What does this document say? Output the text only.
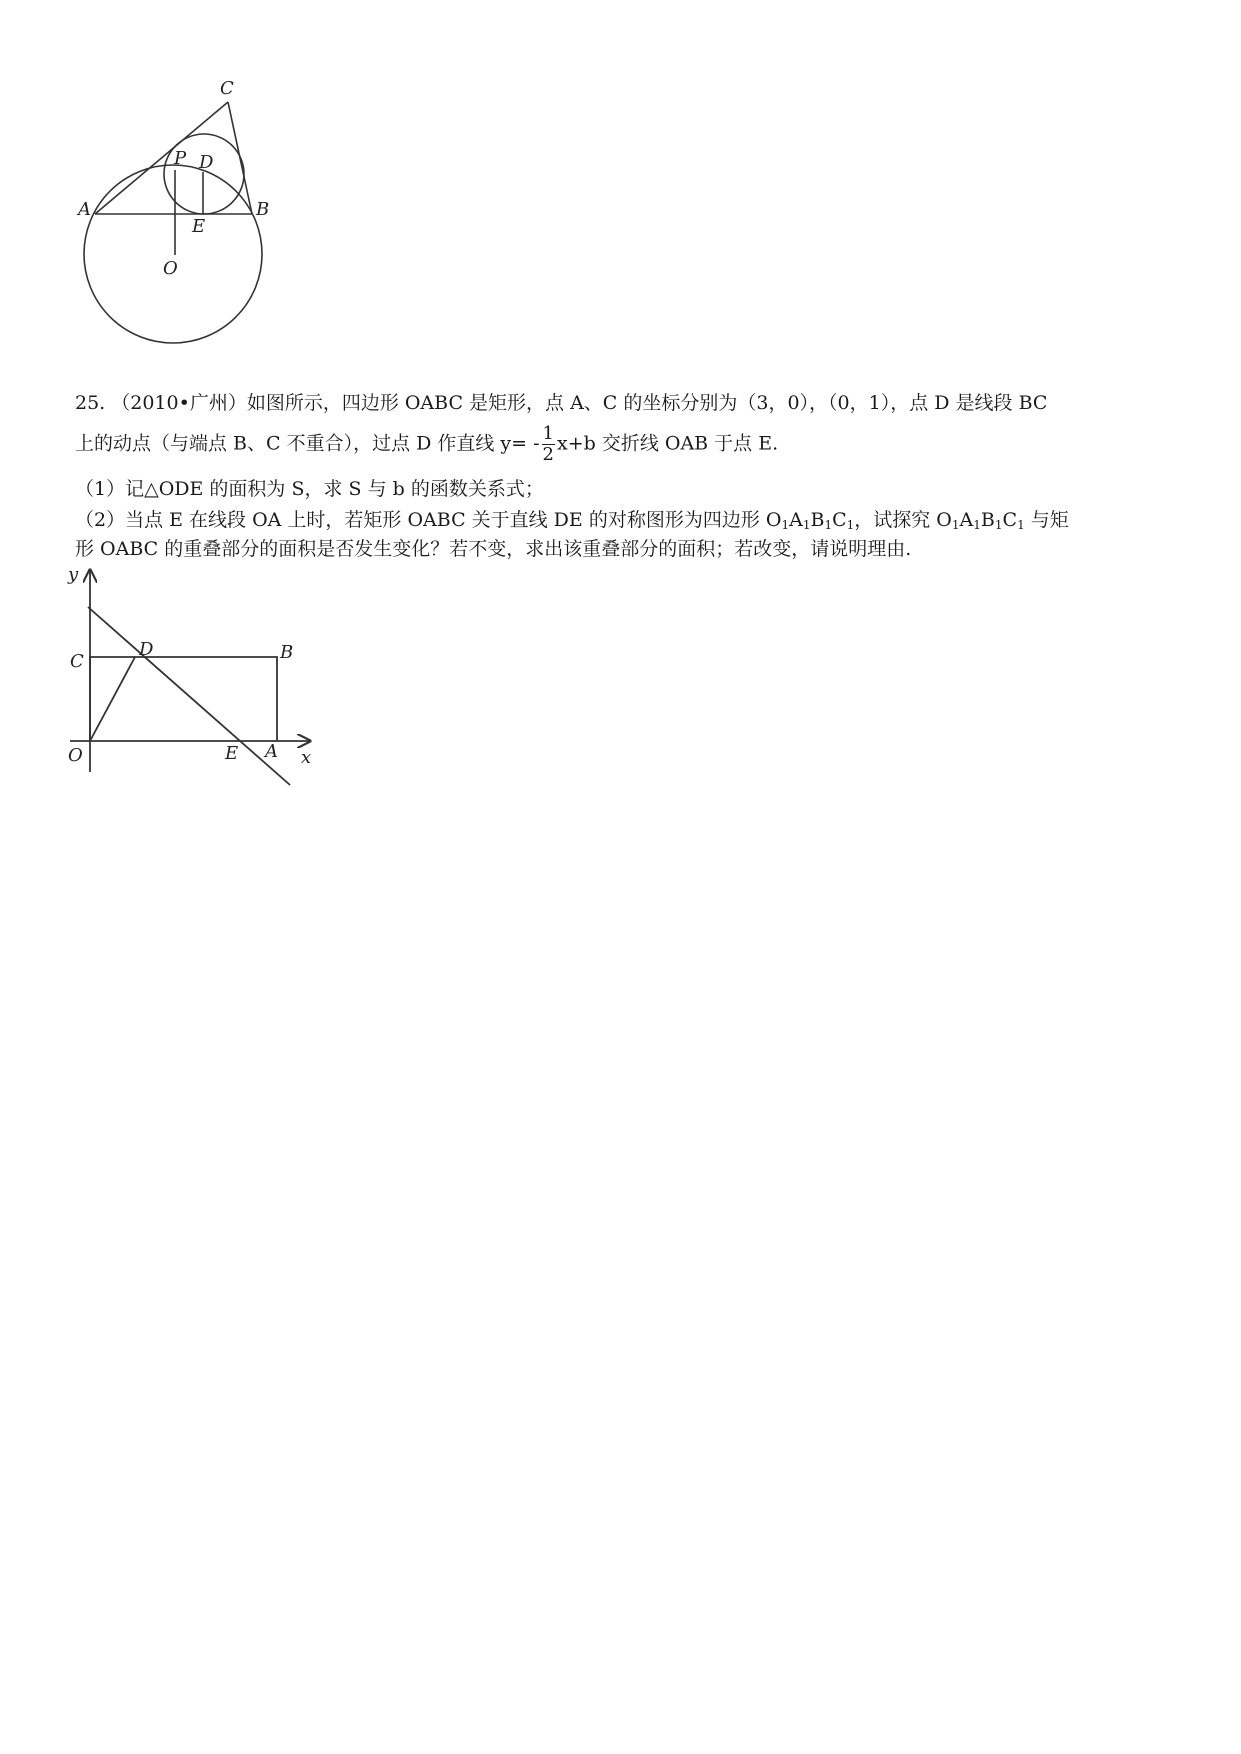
C
P D
A	B
E
O
25. （2010•广州）如图所示，四边形 OABC 是矩形，点 A、C 的坐标分别为（3，0），（0，1），点 D 是线段 BC
上的动点（与端点 B、C 不重合），过点 D 作直线 $y= - \frac{1}{2} x+b$ 交折线 OAB 于点 E.
（1）记△ODE 的面积为 S，求 S 与 b 的函数关系式；
（2）当点 E 在线段 OA 上时，若矩形 OABC 关于直线 DE 的对称图形为四边形 $O_1A_1B_1C_1$，试探究 $O_1A_1B_1C_1$ 与矩
形 OABC 的重叠部分的面积是否发生变化？若不变，求出该重叠部分的面积；若改变，请说明理由.
y
C
D	B
O	E A x
